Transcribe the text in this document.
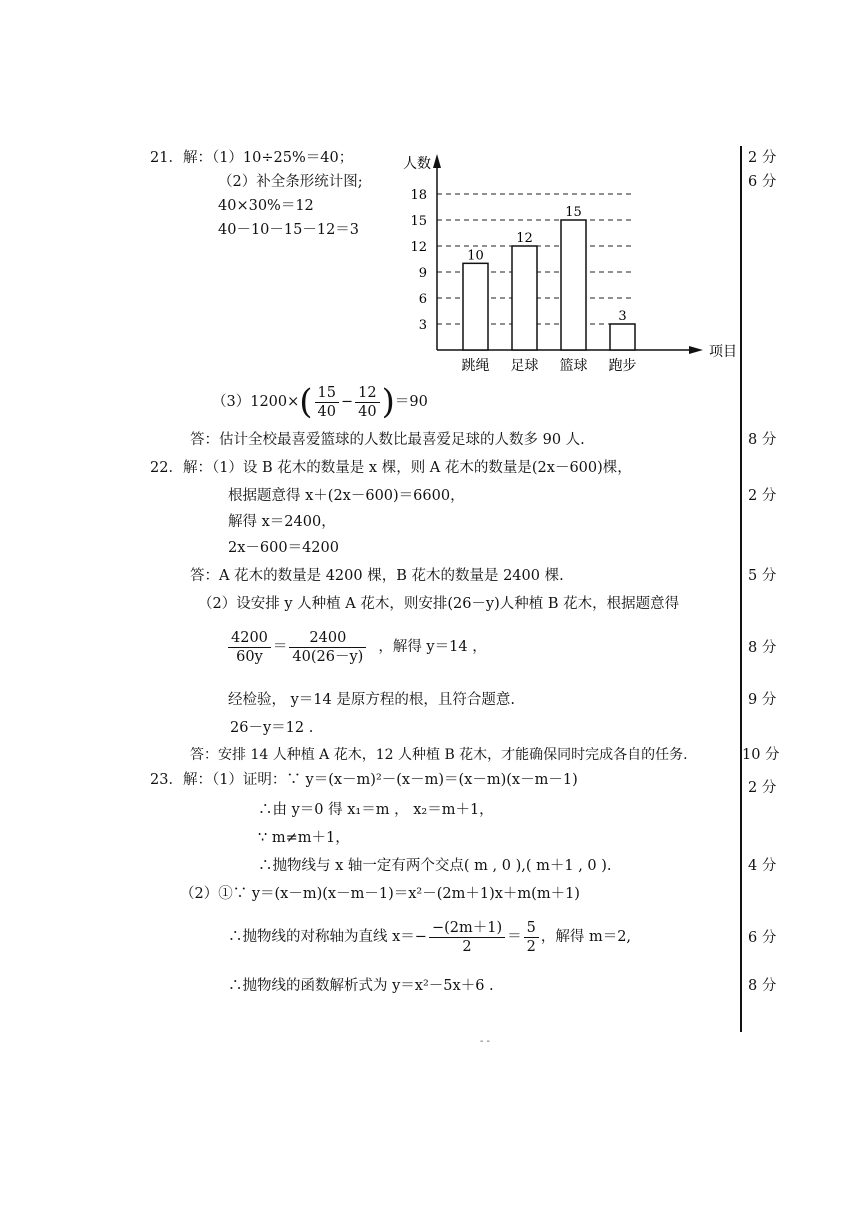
21．解：（1）10÷25%＝40；
（2）补全条形统计图;
40×30%＝12
40－10－15－12＝3
3
6
9
12
15
18
人数
项目
10
跳绳
12
足球
15
篮球
3
跑步
$(3)1200\times( \frac{15}{40} - \frac{12}{40} )=90$
答：估计全校最喜爱篮球的人数比最喜爱足球的人数多 90 人.
22．解：（1）设 B 花木的数量是 x 棵，则 A 花木的数量是(2x－600)棵，
根据题意得 x＋(2x－600)＝6600，
解得 x＝2400，
2x－600＝4200
答：A 花木的数量是 4200 棵，B 花木的数量是 2400 棵.
（2）设安排 y 人种植 A 花木，则安排(26－y)人种植 B 花木，根据题意得
$\frac{4200}{60y} = \frac{2400}{40(26-y)}$ ，解得 y＝14 ，
经检验， y＝14 是原方程的根，且符合题意.
26－y＝12 .
答：安排 14 人种植 A 花木，12 人种植 B 花木，才能确保同时完成各自的任务.
23．解：（1）证明：∵ y＝(x－m)²－(x－m)＝(x－m)(x－m－1)
∴由 y＝0 得 x₁＝m ， x₂＝m＋1，
∵ m≠m＋1，
∴抛物线与 x 轴一定有两个交点( m , 0 ),( m＋1 , 0 ).
（2）①∵ y＝(x－m)(x－m－1)＝x²－(2m＋1)x＋m(m＋1)
∴抛物线的对称轴为直线 $x=- \frac{-(2m+1)}{2} = \frac{5}{2}$ ，解得 m＝2,
∴抛物线的函数解析式为 y＝x²－5x＋6 .
2 分
6 分
8 分
2 分
5 分
8 分
9 分
10 分
2 分
4 分
6 分
8 分
- -
